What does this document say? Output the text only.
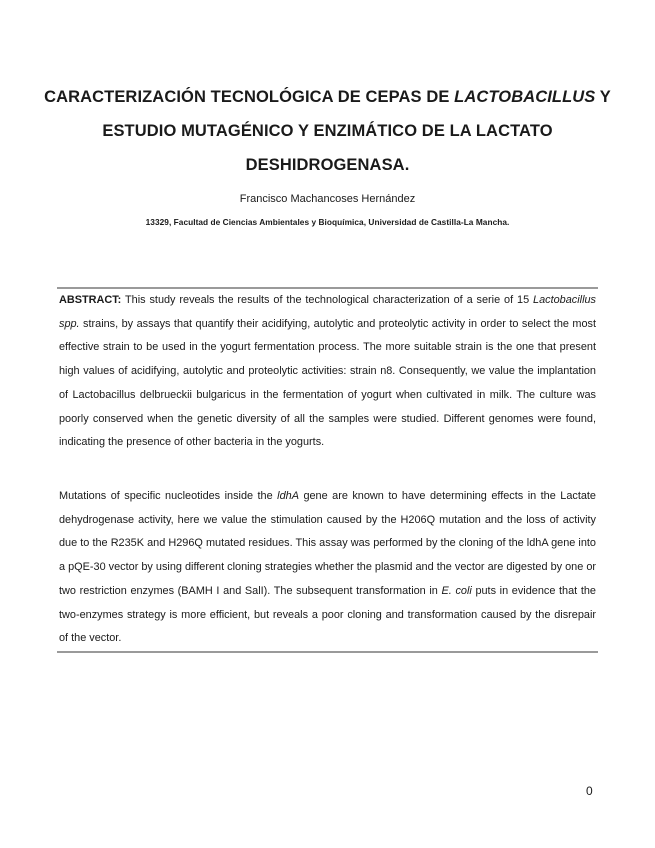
CARACTERIZACIÓN TECNOLÓGICA DE CEPAS DE LACTOBACILLUS Y ESTUDIO MUTAGÉNICO Y ENZIMÁTICO DE LA LACTATO DESHIDROGENASA.
Francisco Machancoses Hernández
13329, Facultad de Ciencias Ambientales y Bioquímica, Universidad de Castilla-La Mancha.
ABSTRACT: This study reveals the results of the technological characterization of a serie of 15 Lactobacillus spp. strains, by assays that quantify their acidifying, autolytic and proteolytic activity in order to select the most effective strain to be used in the yogurt fermentation process. The more suitable strain is the one that present high values of acidifying, autolytic and proteolytic activities: strain n8. Consequently, we value the implantation of Lactobacillus delbrueckii bulgaricus in the fermentation of yogurt when cultivated in milk. The culture was poorly conserved when the genetic diversity of all the samples were studied. Different genomes were found, indicating the presence of other bacteria in the yogurts.
Mutations of specific nucleotides inside the ldhA gene are known to have determining effects in the Lactate dehydrogenase activity, here we value the stimulation caused by the H206Q mutation and the loss of activity due to the R235K and H296Q mutated residues. This assay was performed by the cloning of the ldhA gene into a pQE-30 vector by using different cloning strategies whether the plasmid and the vector are digested by one or two restriction enzymes (BAMH I and SalI). The subsequent transformation in E. coli puts in evidence that the two-enzymes strategy is more efficient, but reveals a poor cloning and transformation caused by the disrepair of the vector.
0
